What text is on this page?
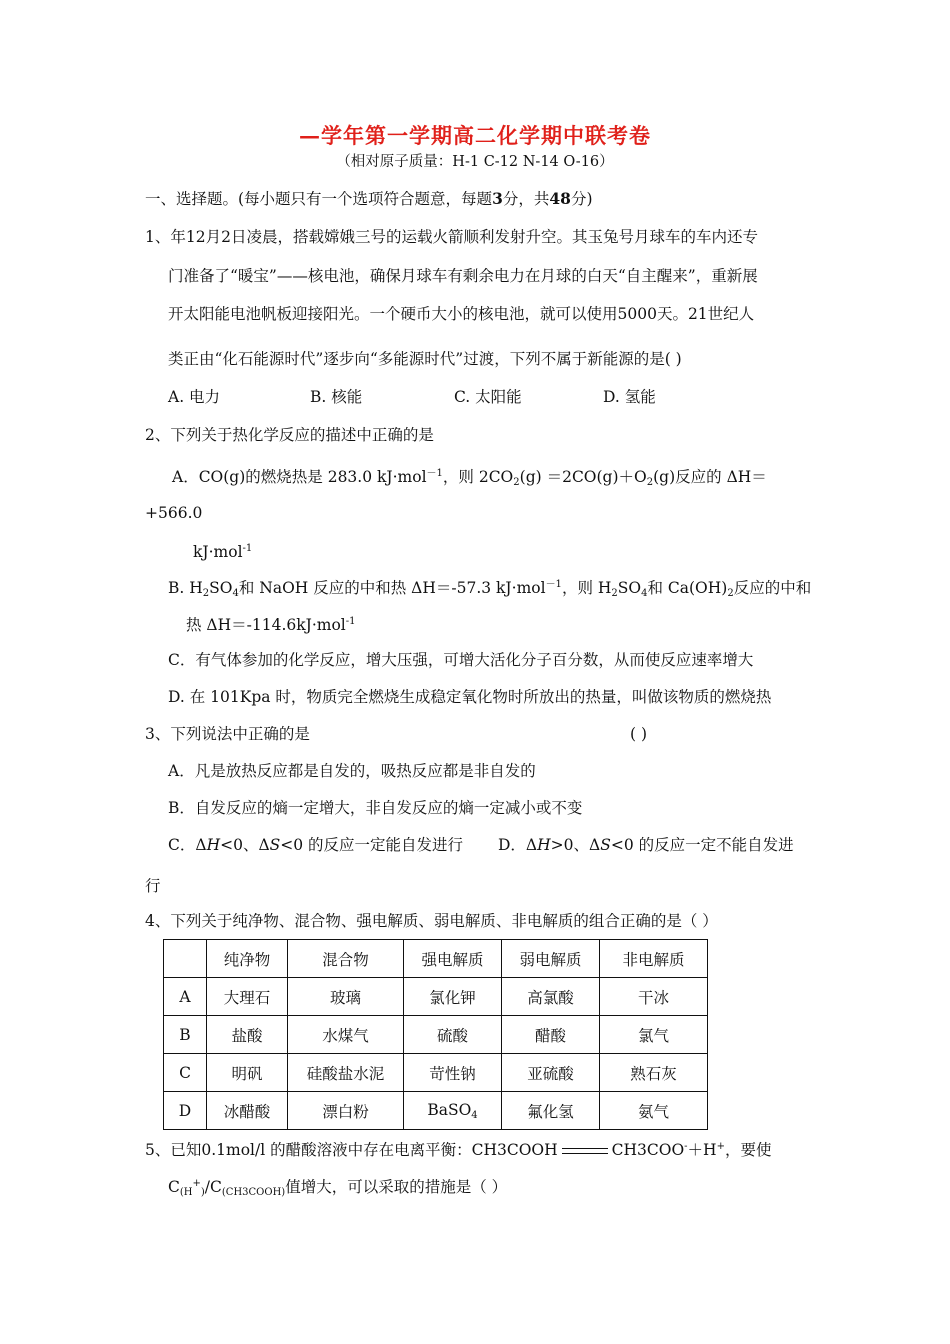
—学年第一学期高二化学期中联考卷
（相对原子质量：H-1 C-12 N-14 O-16）
一、选择题。(每小题只有一个选项符合题意，每题3分，共48分)
1、年12月2日凌晨，搭载嫦娥三号的运载火箭顺利发射升空。其玉兔号月球车的车内还专
门准备了“暖宝”——核电池，确保月球车有剩余电力在月球的白天“自主醒来”，重新展
开太阳能电池帆板迎接阳光。一个硬币大小的核电池，就可以使用5000天。21世纪人
类正由“化石能源时代”逐步向“多能源时代”过渡，下列不属于新能源的是( )
A. 电力	B. 核能	C. 太阳能	D. 氢能
2、下列关于热化学反应的描述中正确的是
A．CO(g)的燃烧热是 283.0 kJ·mol$^{-1}$，则 $2CO_2(g) =2CO(g)+O_2(g)$反应的 ΔH＝
+566.0
kJ·mol$^{-1}$
B. $H_2SO_4$和 NaOH 反应的中和热 ΔH＝-57.3 kJ·mol$^{-1}$，则 $H_2SO_4$和 $Ca(OH)_2$反应的中和
热 ΔH＝-114.6kJ·mol$^{-1}$
C．有气体参加的化学反应，增大压强，可增大活化分子百分数，从而使反应速率增大
D. 在 101Kpa 时，物质完全燃烧生成稳定氧化物时所放出的热量，叫做该物质的燃烧热
3、下列说法中正确的是	( )
A．凡是放热反应都是自发的，吸热反应都是非自发的
B．自发反应的熵一定增大，非自发反应的熵一定减小或不变
C．ΔH<0、ΔS<0 的反应一定能自发进行 D．ΔH>0、ΔS<0 的反应一定不能自发进
行
4、下列关于纯净物、混合物、强电解质、弱电解质、非电解质的组合正确的是（ ）
	纯净物	混合物	强电解质	弱电解质	非电解质
A	大理石	玻璃	氯化钾	高氯酸	干冰
B	盐酸	水煤气	硫酸	醋酸	氯气
C	明矾	硅酸盐水泥	苛性钠	亚硫酸	熟石灰
D	冰醋酸	漂白粉	BaSO$_4$	氟化氢	氨气
5、已知0.1mol/l 的醋酸溶液中存在电离平衡：CH3COOH	CH3COO-＋H+，要使
$C_{(H}^+_)/C_{(CH3COOH)}$值增大，可以采取的措施是（ ）
